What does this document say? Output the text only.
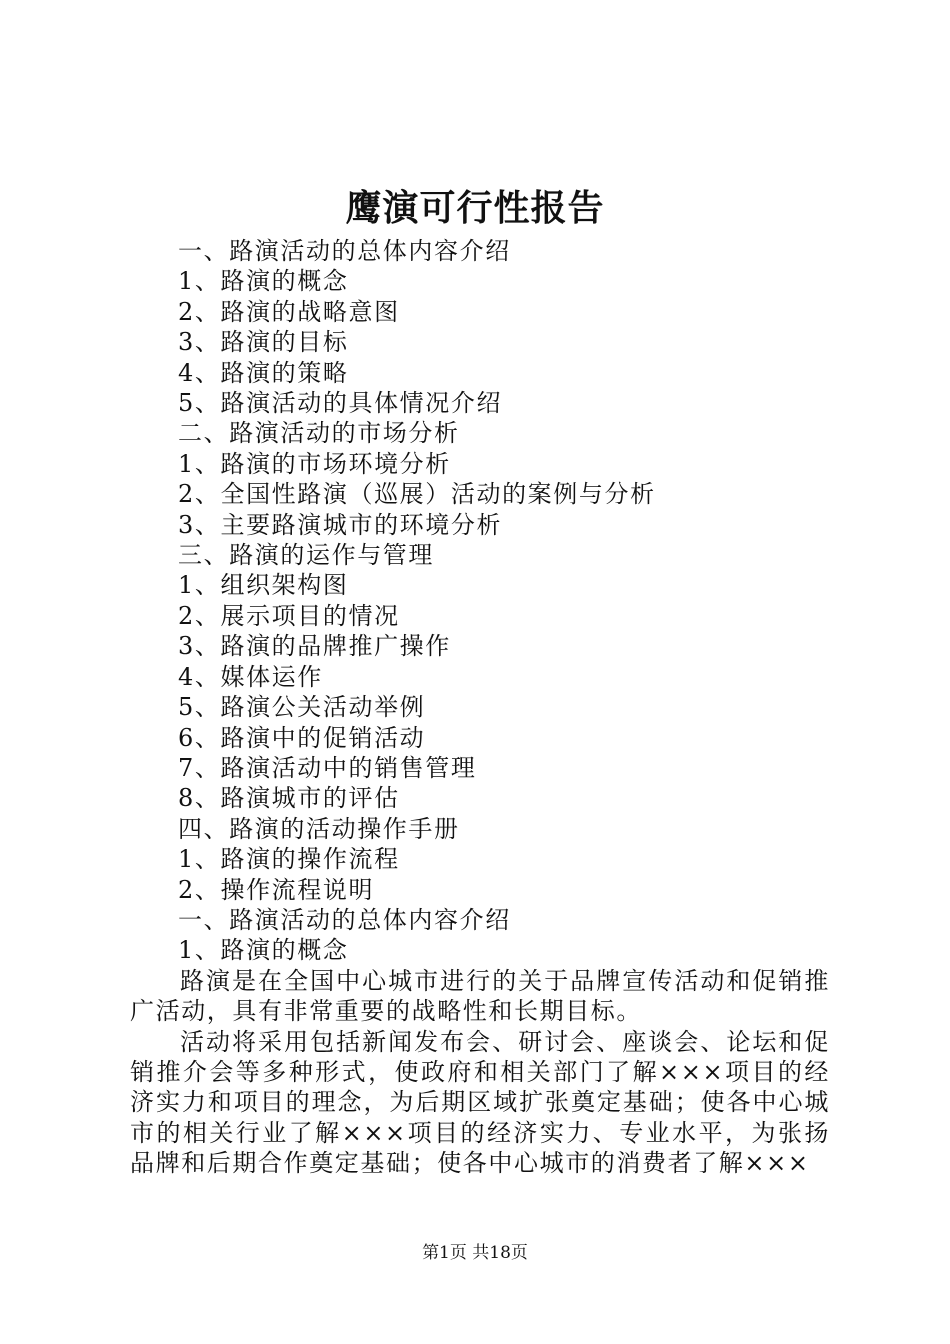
鹰演可行性报告

一、路演活动的总体内容介绍

1、路演的概念

2、路演的战略意图

3、路演的目标

4、路演的策略

5、路演活动的具体情况介绍

二、路演活动的市场分析

1、路演的市场环境分析

2、全国性路演（巡展）活动的案例与分析

3、主要路演城市的环境分析

三、路演的运作与管理

1、组织架构图

2、展示项目的情况

3、路演的品牌推广操作

4、媒体运作

5、路演公关活动举例

6、路演中的促销活动

7、路演活动中的销售管理

8、路演城市的评估

四、路演的活动操作手册

1、路演的操作流程

2、操作流程说明

一、路演活动的总体内容介绍

1、路演的概念

路演是在全国中心城市进行的关于品牌宣传活动和促销推广活动，具有非常重要的战略性和长期目标。

活动将采用包括新闻发布会、研讨会、座谈会、论坛和促销推介会等多种形式，使政府和相关部门了解×××项目的经济实力和项目的理念，为后期区域扩张奠定基础；使各中心城市的相关行业了解×××项目的经济实力、专业水平，为张扬品牌和后期合作奠定基础；使各中心城市的消费者了解×××

第1页 共18页
